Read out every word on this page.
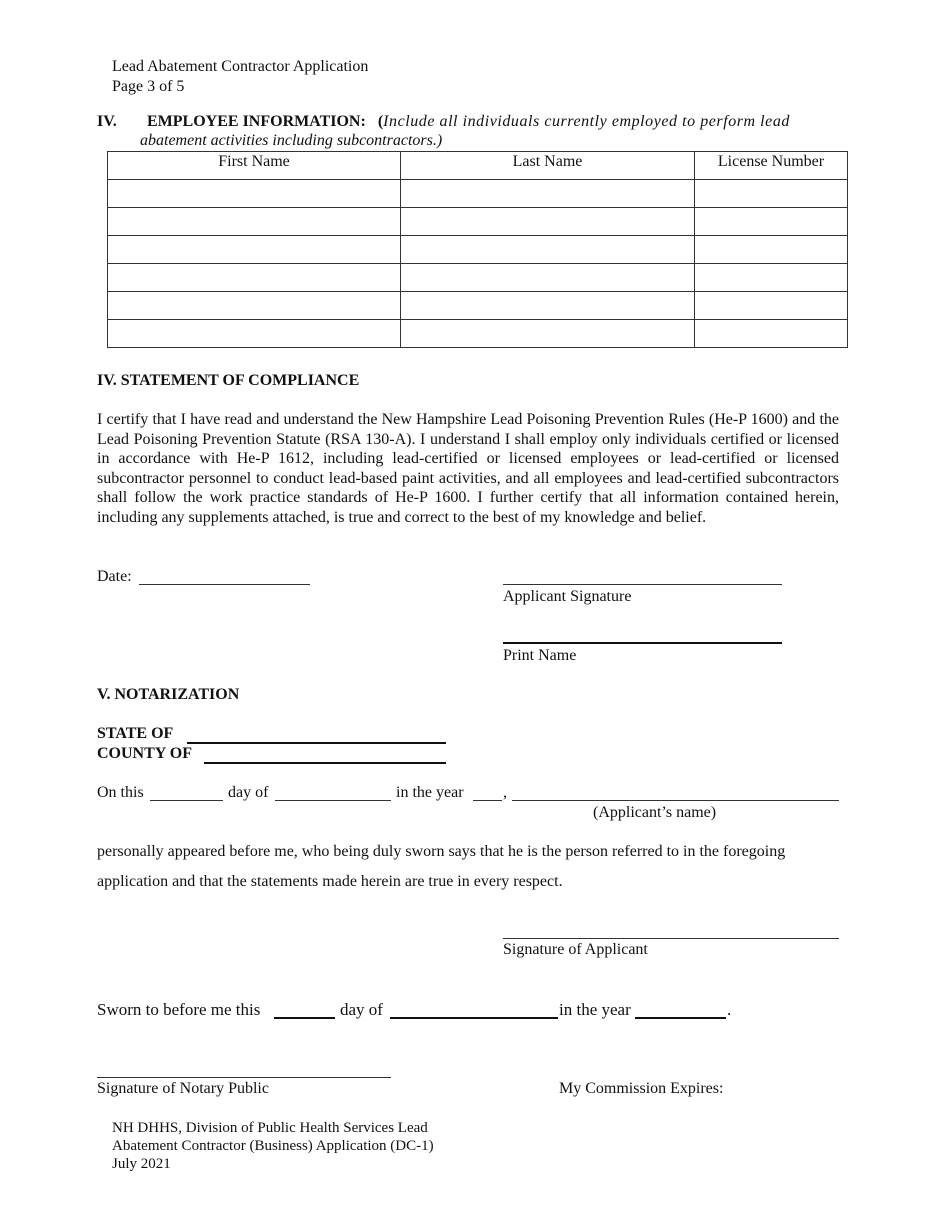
Lead Abatement Contractor Application
Page 3 of 5
IV. EMPLOYEE INFORMATION: (Include all individuals currently employed to perform lead
abatement activities including subcontractors.)
First Name	Last Name	License Number

IV. STATEMENT OF COMPLIANCE
I certify that I have read and understand the New Hampshire Lead Poisoning Prevention Rules (He-P 1600) and the Lead Poisoning Prevention Statute (RSA 130-A). I understand I shall employ only individuals certified or licensed in accordance with He-P 1612, including lead-certified or licensed employees or lead-certified or licensed subcontractor personnel to conduct lead-based paint activities, and all employees and lead-certified subcontractors shall follow the work practice standards of He-P 1600. I further certify that all information contained herein, including any supplements attached, is true and correct to the best of my knowledge and belief.
Date:
Applicant Signature
Print Name
V. NOTARIZATION
STATE OF
COUNTY OF
On this	day of	in the year ,
(Applicant’s name)
personally appeared before me, who being duly sworn says that he is the person referred to in the foregoing
application and that the statements made herein are true in every respect.
Signature of Applicant
Sworn to before me this	day of	in the year	.
Signature of Notary Public	My Commission Expires:
NH DHHS, Division of Public Health Services Lead
Abatement Contractor (Business) Application (DC-1)
July 2021
